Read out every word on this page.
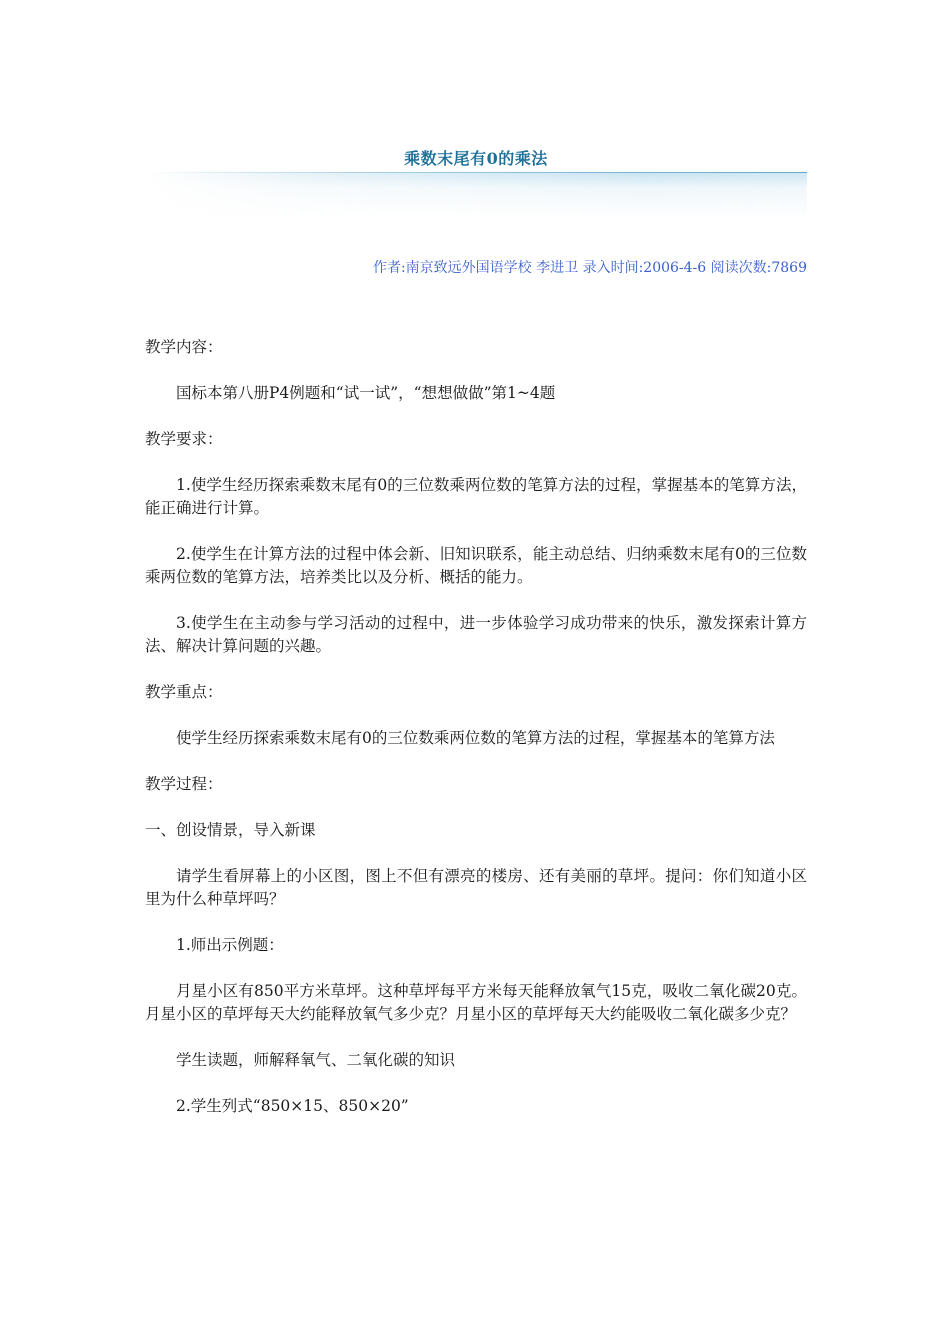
乘数末尾有0的乘法
作者:南京致远外国语学校 李进卫 录入时间:2006-4-6 阅读次数:7869

教学内容：

国标本第八册P4例题和“试一试”，“想想做做”第1~4题

教学要求：

1.使学生经历探索乘数末尾有0的三位数乘两位数的笔算方法的过程，掌握基本的笔算方法，能正确进行计算。

2.使学生在计算方法的过程中体会新、旧知识联系，能主动总结、归纳乘数末尾有0的三位数乘两位数的笔算方法，培养类比以及分析、概括的能力。

3.使学生在主动参与学习活动的过程中，进一步体验学习成功带来的快乐，激发探索计算方法、解决计算问题的兴趣。

教学重点：

使学生经历探索乘数末尾有0的三位数乘两位数的笔算方法的过程，掌握基本的笔算方法

教学过程：

一、创设情景，导入新课

请学生看屏幕上的小区图，图上不但有漂亮的楼房、还有美丽的草坪。提问：你们知道小区里为什么种草坪吗？

1.师出示例题：

月星小区有850平方米草坪。这种草坪每平方米每天能释放氧气15克，吸收二氧化碳20克。月星小区的草坪每天大约能释放氧气多少克？月星小区的草坪每天大约能吸收二氧化碳多少克？

学生读题，师解释氧气、二氧化碳的知识

2.学生列式“850×15、850×20”
